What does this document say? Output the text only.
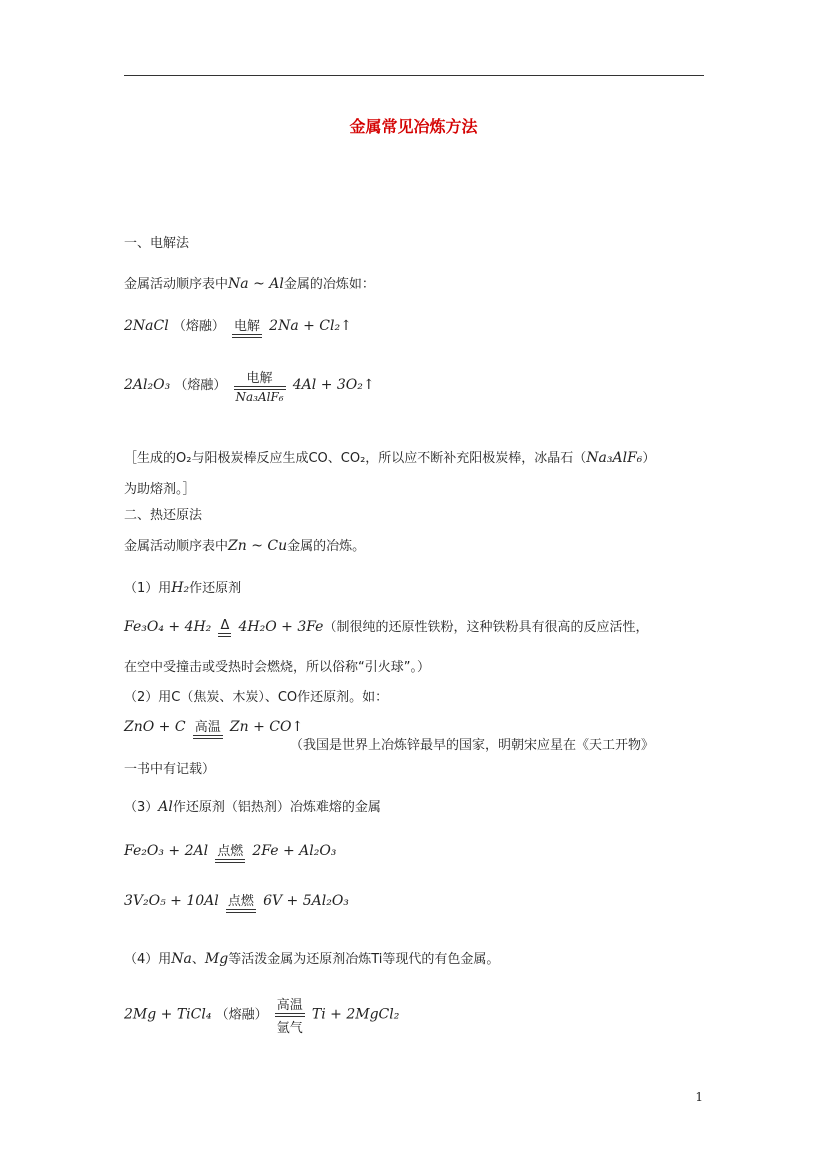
金属常见冶炼方法
一、电解法
金属活动顺序表中Na ~ Al金属的冶炼如：
2NaCl （熔融） 电解 2Na + Cl₂↑
2Al₂O₃ （熔融）	电解
Na₃AlF₆
4Al + 3O₂↑
［生成的O₂与阳极炭棒反应生成CO、CO₂，所以应不断补充阳极炭棒，冰晶石（Na₃AlF₆）
为助熔剂。］
二、热还原法
金属活动顺序表中Zn ~ Cu金属的冶炼。
（1）用H₂作还原剂
Fe₃O₄ + 4H₂ Δ 4H₂O + 3Fe（制很纯的还原性铁粉，这种铁粉具有很高的反应活性，
在空中受撞击或受热时会燃烧，所以俗称“引火球”。）
（2）用C（焦炭、木炭）、CO作还原剂。如：
ZnO + C 高温 Zn + CO↑
（我国是世界上冶炼锌最早的国家，明朝宋应星在《天工开物》
一书中有记载）
（3）Al作还原剂（铝热剂）冶炼难熔的金属
Fe₂O₃ + 2Al 点燃 2Fe + Al₂O₃
3V₂O₅ + 10Al 点燃 6V + 5Al₂O₃
（4）用Na、Mg等活泼金属为还原剂冶炼Ti等现代的有色金属。
2Mg + TiCl₄ （熔融）
高温
氩气
Ti + 2MgCl₂
1
